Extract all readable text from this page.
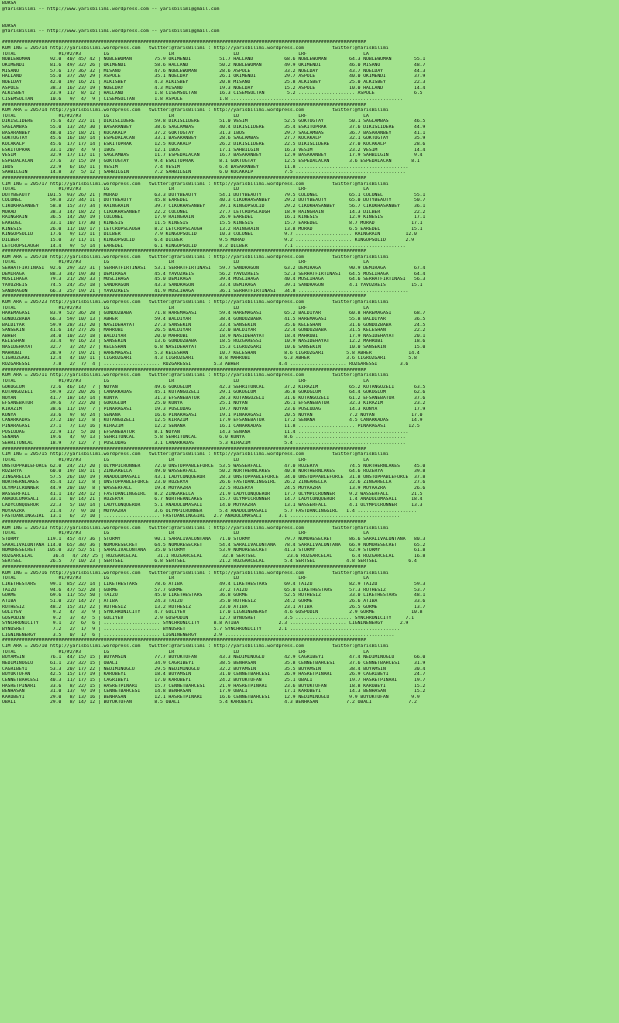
BURSA
@YarisBilimi -- http://www.yarisbilimi.wordpress.com -- yarisbilimi@gmail.com

BURSA
@YarisBilimi -- http://www.yarisbilimi.wordpress.com -- yarisbilimi@gmail.com

#################################################################################################################################
KUM ING = 205714 http://yarisbilimi.wordpress.com   twitter:@YarisBilimi : http://yarisbilimi.wordpress.com          twitter:@YarisBilimi
TOTAL               #1/#2/#3        LG                     LR                     LD                     LRF                    LA
NOBLEWOMAN       92.0  40/ 45/ 42 | NOBLEWOMAN        75.9 OKIMENDI          51.7 HALLAND           68.6 NOBLEWOMAN        64.3 NOBLEWOMAN        55.1
OKIMENDI         81.6  49/ 32/ 26 | OKIMENDI          58.6 HALLAND           50.2 NOBLEWOMAN        49.9 OKIMENDI          46.0 MISANO            48.7
MISANO           57.6  17/ 36/ 32 | MISANO            47.6 NOBLEWOMAN        28.6 ASPOLE            33.2 NOELDAY           43.7 NOELDAY           44.3
HALLAND          55.0  37/ 20/ 29 | ASPOLE            35.1 NOELDAY           26.1 OKIMENDI          29.7 ASPOLE            40.0 OKIMENDI          37.9
NOELDAY          42.0  19/ 16/ 21 | ALKISBEY          4.3 ALKISBEY           20.8 MISANO            25.8 ALKISBEY          25.0 ALKISBEY          22.3
ASPOLE           38.3  16/ 23/ 19 | NOELDAY           4.3 MISANO             19.3 NOELDAY           15.2 ASPOLE            10.0 HALLAND           14.4
ALKISBEY         23.9  11/  8/ 12 | HALLAND           1.8 CISEMSULTAN        16.3 CISEMSULTAN        5.2 .................... ASPOLE              6.5
CISEMSULTAN      10.6   9/  4/  9 | CISEMSULTAN       1.8 ASPOLE             1.8 .............................................................
#################################################################################################################################
KUM ARA = 205714 http://yarisbilimi.wordpress.com   twitter:@YarisBilimi : http://yarisbilimi.wordpress.com          twitter:@YarisBilimi
TOTAL               #1/#2/#3        LG                     LR                     LD                     LRF                    LA
DIKISLIDERE      75.6  42/ 22/ 11 | DIKISLIDERE       59.8 DIKISLIDERE       51.0 VESIM             52.5 GOKTUGTAY         50.1 SAGLAMBAS         46.5
SAGLAMBAS        55.0  13/ 24/ 30 | BASARANBEY        38.6 SAGLAMBAS         40.4 DIKISLIDERE       35.4 ESKITOPRAK        37.6 DIKISLIDERE       44.9
BASARANBEY       48.0  15/ 18/ 21 | KOCAKALP          37.2 GOKTUGTAY         31.3 IBOS              29.7 SAGLAMBAS         36.7 BASARANBEY        41.1
GOKTUGTAY        45.6  16/ 18/ 14 | ESPEDALACAN       33.1 BASARANBEY        28.6 SAGLAMBAS         27.7 KOCAKALP          32.1 GOKTUGTAY         35.9
KOCAKALP         45.6  17/ 17/ 14 | ESKITOPRAK        12.5 KOCAKALP          26.2 DIKISLIDERE       22.5 DIKISLIDERE       27.0 KOCAKALP          28.6
ESKITOPRAK       33.1  20/  4/  9 | IBOS              12.1 IBOS              17.1 SAHBILGIN         16.3 VESIM             23.2 VESIM             14.4
VESIM            32.9  17/ 11/ 11 | SAGLAMBAS         11.7 ESPEDALACAN       16.7 BASARANBEY        12.9 BASARANBEY        17.9 SAHBILGIN         9.4
ESPEDALACAN      27.6   3/ 15/ 19 | GOKTUGTAY         9.4 ESKITOPRAK         8.1 GOKTUGTAY          12.5 ESPEDALACAN       3.6 ESPEDALACAN       8.1
IBOS             22.9   6/ 16/ 11 | VESIM             7.4 VESIM              6.4 BASARANBEY         11.8 .......................................
SAHBILGIN        14.8   3/  5/ 12 | SAHBILGIN         7.2 SAHBILGIN          6.0 KOCAKALP           7.5 .......................................
#################################################################################################################################
CIM ING = 205717 http://yarisbilimi.wordpress.com   twitter:@YarisBilimi : http://yarisbilimi.wordpress.com          twitter:@YarisBilimi
TOTAL               #1/#2/#3        LG                     LR                     LD                     LRF                    LA
DUTYBEAUTY      101.5  93/ 26/ 21 | MURAD             63.3 DUTYBEAUTY        54.1 DUTYBEAUTY        79.5 COLONEL           65.1 COLONEL           55.1
COLONEL          59.8  22/ 34/ 11 | DUTYBEAUTY        45.8 EAREDEL           40.3 CIKOKHASANBEY     29.2 DUTYBEAUTY        65.0 DUTYBEAUTY        50.7
CIKOKHASANBEY    58.8  15/ 37/ 34 | RAINGRAIN         39.7 CIKOKHASANBEY     39.1 KINGOPSOLID       29.2 CIKOKHASANBEY     56.7 CIKOKHASANBEY     36.1
MURAD            38.3  14/ 18/ 22 | CIKOKHASANBEY     22.2 COLONEL           27.7 LETCROPSLAUGH     18.9 RAINGRAIN         14.3 DILBER            22.2
RAINGRAIN        36.5  14/ 20/ 19 | COLONEL           17.9 RAINGRAIN         26.9 EAREDEL           16.1 KINESIS           12.9 KINESIS           17.1
EAREDEL          33.1  10/ 17/ 30 | KINESIS           11.5 KINESIS           15.5 KINESIS           15.7 EAREDEL           8.7 MURAD             17.1
KINESIS          26.0  11/ 10/ 17 | LETCROPSLAUGH     8.2 LETCROPSLAUGH      13.2 RAINGRAIN         13.8 MURAD             6.5 EAREDEL           15.1
KINGOPSOLID      17.6   9/ 12/ 11 | DILBER            7.9 KINGOPSOLID        10.3 COLONEL           9.7 .................... RAINGRAIN         12.0
DILBER           15.0   3/ 11/ 11 | KINGOPSOLID       6.4 DILBER             9.5 MURAD              9.2 .................... KINGOPSOLID       2.9
LETCROPSLAUGH    14.4   9/  5/ 14 | EAREDEL           6.1 KINGOPSOLID        8.2 DILBER             7.1 .......................................
#################################################################################################################################
KUM ARA = 205718 http://yarisbilimi.wordpress.com   twitter:@YarisBilimi : http://yarisbilimi.wordpress.com          twitter:@YarisBilimi
TOTAL               #1/#2/#3        LG                     LR                     LD                     LRF                    LA
SERHATFIRTINASI  92.6  29/ 32/ 31 | SERHATFIRTINASI   53.1 SERHATFIRTINASI   59.7 SANDRAGON         63.2 DEMIRAGA          90.9 DEMIRAGA          67.4
DEMIRAGA         88.3  34/ 19/ 30 | DEMIRAGA          45.4 YAVUZREIS         56.2 YAVUZREIS         52.3 SERHATFIRTINASI   64.5 MUSLIHAGA         64.4
MUSLIHAGA        79.3  21/ 28/ 33 | MUSLIHAGA         45.0 DEMIRAGA          39.4 MUSLIHAGA         40.4 MUSLIHAGA         64.6 SERHATFIRTINASI   56.3
YAVUZREIS        74.5  24/ 35/ 18 | SANDRAGON         43.3 SANDRAGON         33.4 DEMIRAGA          39.1 SANDRAGON         4.1 YAVUZREIS         15.1
SANDRAGON        66.3  25/ 19/ 21 | YAVUZREIS         41.9 MUSLIHAGA         36.1 SERHATFIRTINASI   34.8 .......................................
#################################################################################################################################
KUM ARA = 205723 http://yarisbilimi.wordpress.com   twitter:@YarisBilimi : http://yarisbilimi.wordpress.com          twitter:@YarisBilimi
TOTAL               #1/#2/#3        LG                     LR                     LD                     LRF                    LA
HAREMAGASI       83.9  52/ 36/ 28 | GUNDUZBABA        71.8 HAREMAGASI        59.4 HAREMAGASI        65.2 BALDIYAR          60.8 HAREMAGASI        68.7
GUNDUZBABA       66.3  59/ 10/ 13 | ABHER             59.4 BALDIYAR          38.4 GUNDUZBABA        41.5 HAREMAGASI        55.8 BALDIYAR          36.5
BALDIYAR         59.9  28/ 31/ 20 | NASIDEHAYAT       27.3 SANSEKIN          33.4 SANSEKIN          35.6 KELESHAN          31.6 GUNDUZBABA        24.5
SANSEKIN         41.6  14/ 27/ 26 | MAHRUBI           26.5 BALDIYAR          22.0 BALDIYAR          22.4 GUNDUZBABA        31.5 KELESHAN          22.2
ABHER            34.0  10/ 22/ 18 | BALDIYAR          20.0 MAHRUBI           18.9 NASIDEHAYAT       18.4 MAHRUBI           17.9 NASIDEHAYAT       20.1
KELESHAN         33.4   9/ 16/ 23 | SANSEKIN          13.6 GUNDUZBABA        18.5 RUZGARESSI        10.9 NASIDEHAYAT       12.2 MAHRUBI           18.6
NASIDEHAYAT      32.7   3/ 24/ 27 | KELESHAN          6.8 NASIDEHAYAT        15.3 CIGRUZGARI        10.6 SANSEKIN          10.0 SANSEKIN          15.0
MAHRUBI          28.9   7/ 19/ 21 | HAREMAGASI        5.3 KELESHAN           10.7 KELESHAN          8.6 CIGRUZGARI        5.8 ABHER             14.4
CIGRUZGARI       12.4   4/ 10/ 11 | CIGRUZGARI        4.3 CIGRUZGARI         8.8 MAHRUBI            6.3 ABHER             3.6 CIGRUZGARI        5.8
RUZGARESSI        7.8   2/  7/  4 | .................... RUZGARESSI        5.3 ABHER              4.4 .................... RUZGARESSI        3.6
#################################################################################################################################
KUM ARA = 205711 http://yarisbilimi.wordpress.com   twitter:@YarisBilimi : http://yarisbilimi.wordpress.com          twitter:@YarisBilimi
TOTAL               #1/#2/#3        LG                     LR                     LD                     LRF                    LA
GOKOGLUM         72.6  46/ 14/  7 | NOYAN             49.6 GOKOGLUM          42.3 SEHRITUNCAL       37.2 KIRAZIM           65.2 KUTANGUZELI       63.5
KUTANGUZELI      59.9  22/ 20/ 26 | CANARKADAS        45.1 KUTANGUZELI       29.1 GOKOGLUM          36.8 GOKOGLUM          64.4 GOKOGLUM          62.6
NOYAN            41.7  18/ 14/ 14 | KUNYA             31.3 EFSANEBATUR       28.3 KUTANGUZELI       31.6 KUTANGUZELI       61.2 EFSANEBATUR       37.6
EFSANEBATUR      39.6   7/ 22/ 20 | GOKOGLUM          25.0 KUNYA             25.1 NOYAN             26.1 EFSANEBATUR       32.3 KIRAZIM           23.2
KIRAZIM          38.6  11/ 19/  7 | PINARAGASI        19.3 PUSLUDAG          19.7 NOYAN             23.6 PUSLUDAG          14.3 KUNYA             17.9
KUNYA            33.6   9/  8/ 24 | SENANA            16.6 PINARAGASI        19.1 PINARAGASI        20.5 NOYAN             7.2 NOYAN             17.0
CANARKADAS       27.2  10/ 12/  8 | KUTANGUZELI       12.5 KIRAZIM           17.9 EFSANEBATUR       17.2 SENANA            4.5 CANARKADAS        14.9
PINARAGASI       27.1   7/ 13/ 16 | KIRAZIM           12.2 SENANA            16.1 CANARKADAS        11.8 .................... PINARAGASI        12.5
PUSLUDAG         22.9  11/  5/ 10 | EFSANEBATUR       8.1 NOYAN              14.3 SENANA            11.4 .......................................
SENANA           19.6   4/  9/ 13 | SEHRITUNCAL       5.8 SEHRITUNCAL        6.0 KUNYA              8.6 .......................................
SEHRITUNCAL      18.9   7/ 12/  7 | PUSLUDAG          3.1 CANARKADAS         5.3 KIRAZIM            5.4 .......................................
#################################################################################################################################
CIM ING = 205715 http://yarisbilimi.wordpress.com   twitter:@YarisBilimi : http://yarisbilimi.wordpress.com          twitter:@YarisBilimi
TOTAL               #1/#2/#3        LG                     LR                     LD                     LRF                    LA
UNSTOPPABLEFORCE 62.0  24/ 21/ 20 | OLYMPICRUNNER     72.0 UNSTOPPABLEFORCE  53.5 WASSERFALL        47.0 ROZERYA           74.5 NORTHERNLAKES     45.0
ROZERYA          60.0  19/ 18/ 11 | ZINGARELLA        49.0 WASSERFALL        50.2 NORTHERNLAKES     40.8 NORTHERNLAKES     64.6 ROZERYA           39.8
ZINGARELLA       57.5  26/ 10/ 19 | ANADOLUMASALI     43.1 LADYCONQUEROR     28.3 UNSTOPPABLEFORCE  34.0 UNSTOPPABLEFORCE  31.8 UNSTOPPABLEFORCE  37.8
NORTHERNLAKES    45.4  12/ 12/  8 | UNSTOPPABLEFORCE  23.0 ROZERYA           26.6 FASTDANCINGGIRL   26.2 ZINGARELLA        22.6 ZINGARELLA        27.6
OLYMPICRUNNER    44.9  20/ 10/  8 | WASSERFALL        19.4 MOYAAZRA          22.5 ROZERYA           24.5 MOYAAZRA          13.9 MOYAAZRA          26.6
WASSERFALL       41.1  14/ 24/ 12 | FASTDANCINGGIRL   8.2 ZINGARELLA         21.9 LADYCONQUEROR     17.7 OLYMPICRUNNER     9.2 WASSERFALL        21.5
ANADOLUMASALI    33.1   0/ 14/ 21 | ROZERYA           6.7 NORTHERNLAKES      15.7 OLYMPICRUNNER     14.7 LADYCONQUEROR     1.4 ANADOLUMASALI     18.4
LADYCONQUEROR    22.3   5/ 10/ 14 | LADYCONQUEROR     5.1 ANADOLUMASALI      14.0 MOYAAZRA          13.1 WASSERFALL        4.1 OLYMPICRUNNER     13.3
MOYAAZRA         21.4   7/  9/ 10 | MOYAAZRA          3.6 OLYMPICRUNNER      5.4 ANADOLUMASALI      5.7 FASTDANCINGGIRL   1.4 .....................
FASTDANCINGGIRL  13.1   6/  2/ 10 | .................... FASTDANCINGGIRL   2.7 ANADOLUMASALI      3.1 .......................................
#################################################################################################################################
KUM ING = 205713 http://yarisbilimi.wordpress.com   twitter:@YarisBilimi : http://yarisbilimi.wordpress.com          twitter:@YarisBilimi
TOTAL               #1/#2/#3        LG                     LR                     LD                     LRF                    LA
STORMY          119.1  45/ 47/ 36 | STORMY            90.1 SARALIVALONTANA   71.0 STORMY            79.7 NOMORESECRET      86.6 SARALIVALONTANA   80.3
SARALIVALONTANA 114.0  65/ 38/ 36 | NOMORESECRET      64.5 NOMORESECRET      54.4 SARALIVALONTANA   78.4 SARALIVALONTANA   66.9 NOMORESECRET      65.2
NOMORESECRET    105.0  32/ 52/ 51 | SARALIVALONTANA   35.0 STORMY            53.9 NOMORESECRET      41.3 STORMY            62.9 STORMY            61.8
RUZGARCELAL       36.4   4/ 24/ 25 | RUZGARCELAL       31.1 RUZGARCELAL       32.8 SERTSEL           23.6 RUZGARCELAL       6.4 RUZGARCELAL       16.8
SERTSEL          26.5   7/ 10/ 23 | SERTSEL           6.8 SERTSEL            21.2 RUZGARCELAL       5.4 SERTSEL           4.8 SERTSEL           6.4
#################################################################################################################################
KUM ING = 205716 http://yarisbilimi.wordpress.com   twitter:@YarisBilimi : http://yarisbilimi.wordpress.com          twitter:@YarisBilimi
TOTAL               #1/#2/#3        LG                     LR                     LD                     LRF                    LA
LIKETHESTARS     99.1  85/ 22/ 14 | LIKETHESTARS      78.6 ATIBA             49.4 LIKETHESTARS      69.4 TAIZU             82.9 TAIZU             59.3
TAIZU            94.6  47/ 52/ 28 | GURME             57.7 GURME             37.2 TAIZU             65.0 LIKETHESTARS      57.3 RUTHESIZ          53.7
GURME            69.6  11/ 55/ 50 | TAIZU             45.0 LIKETHESTARS      36.8 GURME             52.5 RUTHESIZ          33.0 LIKETHESTARS      48.1
ATIBA            51.0  22/ 14/ 27 | ATIBA             24.3 TAIZU             35.0 RUTHESIZ          24.2 GURME             26.6 ATIBA             33.6
RUTHESIZ         48.2  15/ 31/ 22 | RUTHESIZ          13.2 RUTHESIZ          23.0 ATIBA             23.1 ATIBA             26.5 GURME             13.7
GULIYEV           9.2   4/  3/  9 | SYNCHRONICITY     4.7 GULIYEV            17.0 LIGNINENERGY      4.6 GOSPODIN           2.9 GURME             10.8
GOSPODIN          9.2   3/  4/  5 | GULIYEV           2.9 GOSPODIN           12.7 BYNUSRET          3.5 .................... SYNCHRONICITY     7.1
SYNCHRONICITY     9.1   2/  6/  6 | .................... SYNCHRONICITY     8.8 ATIBA              2.3 .................... LIGNINENERGY      2.9
BYNUSRET          7.2   2/  1/  9 | .................... BYNUSRET          5.7 SYNCHRONICITY      2.1 .......................................
LIGNINENERGY      3.5   0/  1/  6 | .................... LIGNINENERGY      2.9 ............................................................
#################################################################################################################################
CIM ARA = 205710 http://yarisbilimi.wordpress.com   twitter:@YarisBilimi : http://yarisbilimi.wordpress.com          twitter:@YarisBilimi
TOTAL               #1/#2/#3        LG                     LR                     LD                     LRF                    LA
BUYAMSIN         76.1  44/ 15/ 15 | BUYAMSIN          77.7 BUYUKTUFAN        43.3 NEDIMINOGLU       42.9 CAGRIBEYI         47.4 NEDIMINOGLU       66.0
NEDIMINOGLU      61.1  23/ 32/ 15 | OBALI             34.9 CAGRIBEYI         38.5 BENHASAN          35.8 CENNETBAHCESI     37.6 CENNETBAHCESI     31.9
CAGRIBEYI        53.3  20/ 17/ 22 | NEDIMINOGLU       29.5 NEDIMINOGLU       32.2 BUYAMSIN          35.5 BUYAMSIN          38.4 BUYAMSIN          30.4
BUYUKTUFAN       42.5  15/ 17/ 19 | KAROBEYI          18.4 BUYAMSIN          31.0 CENNETBAHCESI     26.9 HASRETPINARI      26.9 CAGRIBEYI         24.7
CENNETBAHCESI    40.3  11/ 17/ 15 | CAGRIBEYI         17.0 KAROBEYI          24.2 BUYUKTUFAN        25.1 OBALI             19.7 HASRETPINARI      19.7
HASRETPINARI     33.6   8/ 22/ 15 | HASRETPINARI      15.7 CENNETBAHCESI     21.9 HASRETPINARI      23.6 BUYUKTUFAN        18.8 KAROBEYI          15.2
BENHASAN         31.0  13/  9/ 19 | CENNETBAHCESI     14.8 BENHASAN          17.9 OBALI             17.1 KAROBEYI          14.3 BENHASAN          15.2
KAROBEYI         29.0   8/ 13/ 16 | BENHASAN          12.1 HASRETPINARI      16.6 CENNETBAHCESI     12.9 NEDIMINOGLU       9.9 BUYUKTUFAN        9.9
OBALI            29.0   8/ 14/ 12 | BUYUKTUFAN        8.5 OBALI              5.4 KAROBEYI           4.3 BENHASAN          7.2 OBALI             7.2
